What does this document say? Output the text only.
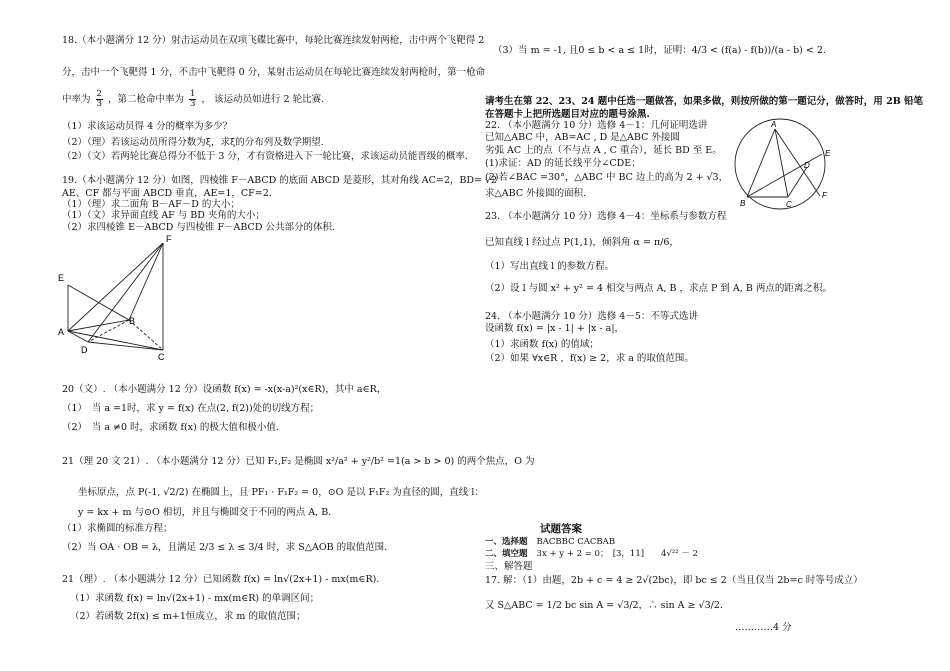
18.（本小题满分 12 分）射击运动员在双项飞碟比赛中，每轮比赛连续发射两枪，击中两个飞靶得 2
分，击中一个飞靶得 1 分，不击中飞靶得 0 分，某射击运动员在每轮比赛连续发射两枪时，第一枪命
中率为 $\frac{2}{3}$ ，第二枪命中率为 $\frac{1}{3}$ ， 该运动员如进行 2 轮比赛.
（1）求该运动员得 4 分的概率为多少？
（2）（理）若该运动员所得分数为ξ，求ξ的分布列及数学期望.
（2）（文）若两轮比赛总得分不低于 3 分，才有资格进入下一轮比赛，求该运动员能晋级的概率.
19.（本小题满分 12 分）如图，四棱锥 F－ABCD 的底面 ABCD 是菱形，其对角线 AC=2，BD= √2
AE、CF 都与平面 ABCD 垂直，AE=1，CF=2.
（1）（理）求二面角 B－AF－D 的大小；
（1）（文）求异面直线 AF 与 BD 夹角的大小；
（2）求四棱锥 E－ABCD 与四棱锥 F－ABCD 公共部分的体积.
E
F
A
B
C
D
20（文）. （本小题满分 12 分）设函数 f(x) = -x(x-a)²(x∈R)，其中 a∈R，
（1）　当 a =1时，求 y = f(x) 在点(2, f(2))处的切线方程；
（2）　当 a ≠0 时，求函数 f(x) 的极大值和极小值.
21（理 20 文 21）. （本小题满分 12 分）已知 F₁,F₂ 是椭圆 x²/a² + y²/b² =1(a > b > 0) 的两个焦点，O 为
坐标原点，点 P(-1, √2/2) 在椭圆上，且 PF₁ · F₁F₂ = 0，⊙O 是以 F₁F₂ 为直径的圆，直线 l：
y = kx + m 与⊙O 相切，并且与椭圆交于不同的两点 A, B.
（1）求椭圆的标准方程；
（2）当 OA · OB = λ，且满足 2/3 ≤ λ ≤ 3/4 时，求 S△AOB 的取值范围.
21（理）. （本小题满分 12 分）已知函数 f(x) = ln√(2x+1) - mx(m∈R).
（1）求函数 f(x) = ln√(2x+1) - mx(m∈R) 的单调区间；
（2）若函数 2f(x) ≤ m+1恒成立，求 m 的取值范围；
（3）当 m = -1, 且0 ≤ b < a ≤ 1时，证明：4/3 < (f(a) - f(b))/(a - b) < 2.
请考生在第 22、23、24 题中任选一题做答，如果多做，则按所做的第一题记分，做答时，用 2B 铅笔
在答题卡上把所选题目对应的题号涂黑.
22. （本小题满分 10 分）选修 4－1：几何证明选讲
已知△ABC 中，AB=AC , D 是△ABC 外接圆
劣弧 AC 上的点（不与点 A , C 重合），延长 BD 至 E。
(1)求证：AD 的延长线平分∠CDE；
(2)若∠BAC =30°，△ABC 中 BC 边上的高为 2 + √3，
求△ABC 外接圆的面积.
A
B	C
D
E
F
23. （本小题满分 10 分）选修 4－4：坐标系与参数方程
已知直线 l 经过点 P(1,1)，倾斜角 α = π/6，
（1）写出直线 l 的参数方程。
（2）设 l 与圆 x² + y² = 4 相交与两点 A, B ，求点 P 到 A, B 两点的距离之积。
24. （本小题满分 10 分）选修 4－5：不等式选讲
设函数 f(x) = |x - 1| + |x - a|，
（1）求函数 f(x) 的值域；
（2）如果 ∀x∈R ，f(x) ≥ 2，求 a 的取值范围。
试题答案
一、选择题 BACBBC CACBAB
二、填空题 3x + y + 2 = 0；　[3，11]　　4√²² － 2
三、解答题
17. 解：（1）由题，2b + c = 4 ≥ 2√(2bc)，即 bc ≤ 2（当且仅当 2b=c 时等号成立）
又 S△ABC = 1/2 bc sin A = √3/2，∴ sin A ≥ √3/2.
…………4 分
